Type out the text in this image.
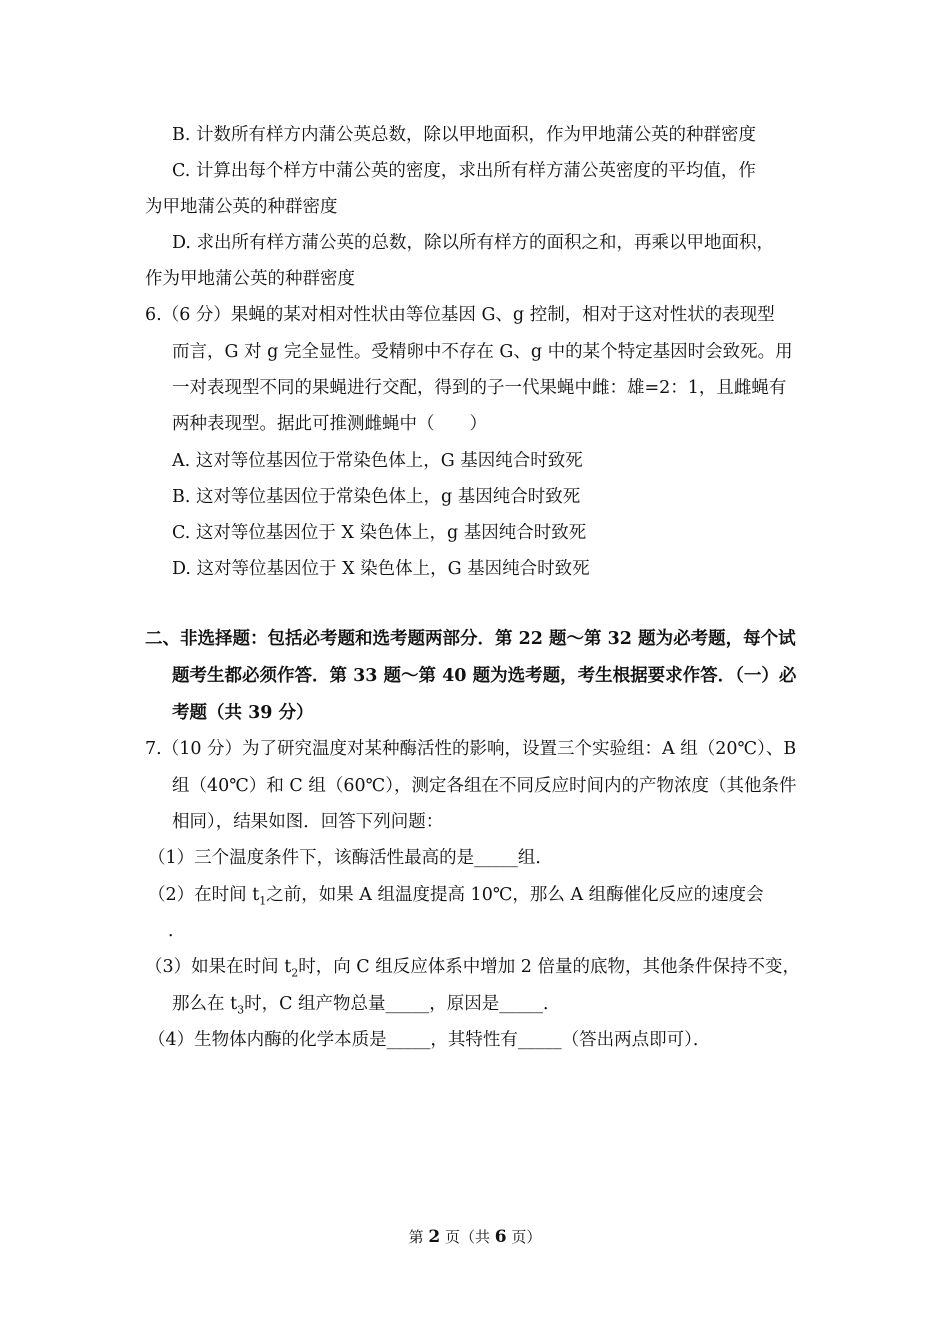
B. 计数所有样方内蒲公英总数，除以甲地面积，作为甲地蒲公英的种群密度
C. 计算出每个样方中蒲公英的密度，求出所有样方蒲公英密度的平均值，作
为甲地蒲公英的种群密度
D. 求出所有样方蒲公英的总数，除以所有样方的面积之和，再乘以甲地面积，
作为甲地蒲公英的种群密度
6.（6 分）果蝇的某对相对性状由等位基因 G、g 控制，相对于这对性状的表现型
而言，G 对 g 完全显性。受精卵中不存在 G、g 中的某个特定基因时会致死。用
一对表现型不同的果蝇进行交配，得到的子一代果蝇中雌：雄=2：1，且雌蝇有
两种表现型。据此可推测雌蝇中（　　）
A. 这对等位基因位于常染色体上，G 基因纯合时致死
B. 这对等位基因位于常染色体上，g 基因纯合时致死
C. 这对等位基因位于 X 染色体上，g 基因纯合时致死
D. 这对等位基因位于 X 染色体上，G 基因纯合时致死
二、非选择题：包括必考题和选考题两部分．第 22 题～第 32 题为必考题，每个试
题考生都必须作答．第 33 题～第 40 题为选考题，考生根据要求作答．（一）必
考题（共 39 分）
7.（10 分）为了研究温度对某种酶活性的影响，设置三个实验组：A 组（20℃）、B
组（40℃）和 C 组（60℃），测定各组在不同反应时间内的产物浓度（其他条件
相同），结果如图．回答下列问题：
（1）三个温度条件下，该酶活性最高的是_____组．
（2）在时间 $t_1$之前，如果 A 组温度提高 10℃，那么 A 组酶催化反应的速度会
．
（3）如果在时间 $t_2$时，向 C 组反应体系中增加 2 倍量的底物，其他条件保持不变，
那么在 $t_3$时，C 组产物总量_____，原因是_____．
（4）生物体内酶的化学本质是_____，其特性有_____（答出两点即可）．
第 2 页（共 6 页）
